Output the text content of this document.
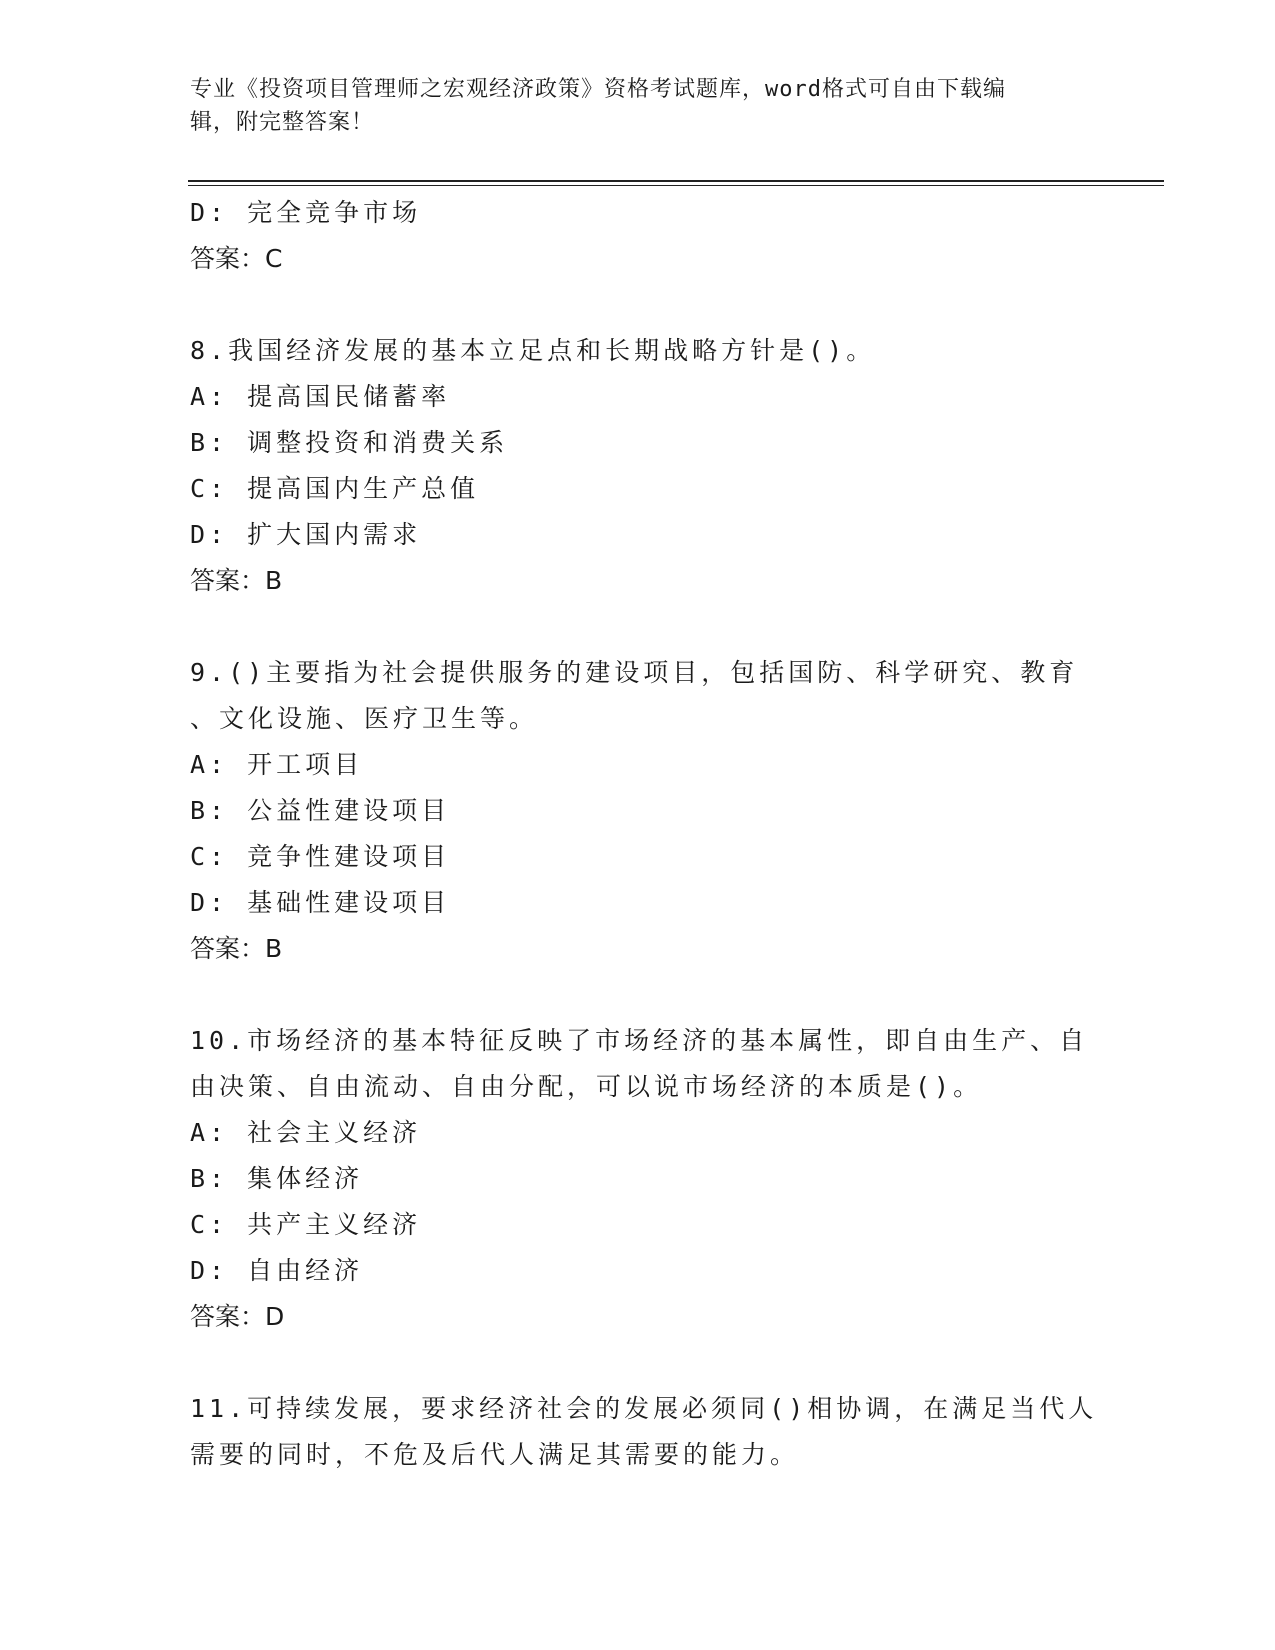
专业《投资项目管理师之宏观经济政策》资格考试题库，word格式可自由下载编
辑，附完整答案！
D: 完全竞争市场
答案：C
8.我国经济发展的基本立足点和长期战略方针是()。
A: 提高国民储蓄率
B: 调整投资和消费关系
C: 提高国内生产总值
D: 扩大国内需求
答案：B
9.()主要指为社会提供服务的建设项目，包括国防、科学研究、教育
、文化设施、医疗卫生等。
A: 开工项目
B: 公益性建设项目
C: 竞争性建设项目
D: 基础性建设项目
答案：B
10.市场经济的基本特征反映了市场经济的基本属性，即自由生产、自
由决策、自由流动、自由分配，可以说市场经济的本质是()。
A: 社会主义经济
B: 集体经济
C: 共产主义经济
D: 自由经济
答案：D
11.可持续发展，要求经济社会的发展必须同()相协调，在满足当代人
需要的同时，不危及后代人满足其需要的能力。
